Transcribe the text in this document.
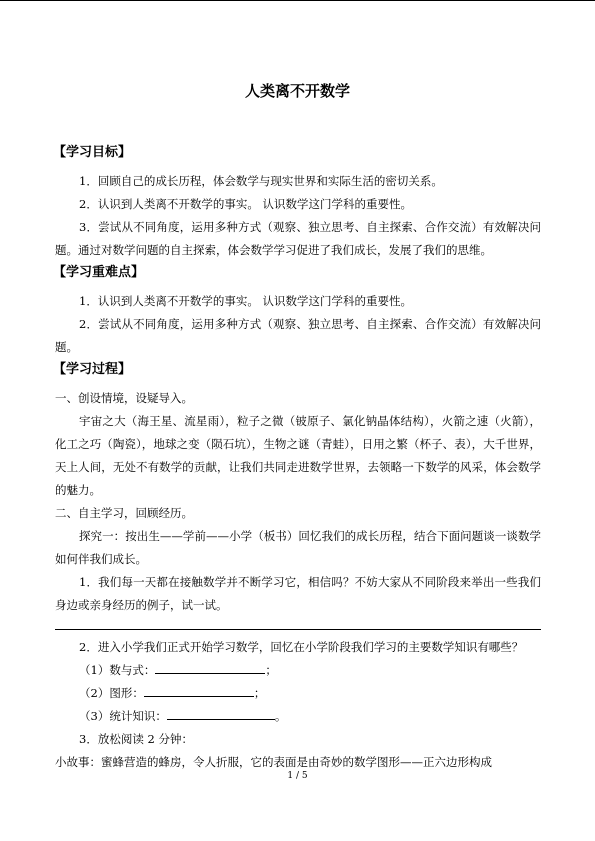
人类离不开数学
【学习目标】

1．回顾自己的成长历程，体会数学与现实世界和实际生活的密切关系。

2．认识到人类离不开数学的事实。 认识数学这门学科的重要性。

3．尝试从不同角度，运用多种方式（观察、独立思考、自主探索、合作交流）有效解决问题。通过对数学问题的自主探索，体会数学学习促进了我们成长，发展了我们的思维。

【学习重难点】

1．认识到人类离不开数学的事实。 认识数学这门学科的重要性。

2．尝试从不同角度，运用多种方式（观察、独立思考、自主探索、合作交流）有效解决问题。

【学习过程】

一、创设情境，设疑导入。

宇宙之大（海王星、流星雨），粒子之微（铍原子、氯化钠晶体结构），火箭之速（火箭），化工之巧（陶瓷），地球之变（陨石坑），生物之谜（青蛙），日用之繁（杯子、表），大千世界，天上人间，无处不有数学的贡献，让我们共同走进数学世界，去领略一下数学的风采，体会数学的魅力。

二、自主学习，回顾经历。

探究一：按出生——学前——小学（板书）回忆我们的成长历程，结合下面问题谈一谈数学如何伴我们成长。

1．我们每一天都在接触数学并不断学习它，相信吗？不妨大家从不同阶段来举出一些我们身边或亲身经历的例子，试一试。

2．进入小学我们正式开始学习数学，回忆在小学阶段我们学习的主要数学知识有哪些？

（1）数与式：	；

（2）图形：	；

（3）统计知识：	。

3．放松阅读 2 分钟：

小故事：蜜蜂营造的蜂房，令人折服，它的表面是由奇妙的数学图形——正六边形构成

1 / 5
